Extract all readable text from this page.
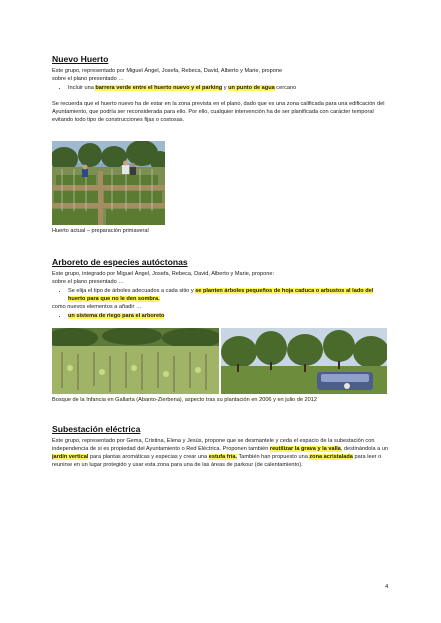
Nuevo Huerto

Este grupo, representado por Miguel Ángel, Josefa, Rebeca, David, Alberto y Marie, propone
sobre el plano presentado …

• Incluir una barrera verde entre el huerto nuevo y el parking y un punto de agua cercano

Se recuerda que el huerto nuevo ha de estar en la zona prevista en el plano, dado que es una zona calificada para una edificación del Ayuntamiento, que podría ser reconsiderada para ello. Por ello, cualquier intervención ha de ser planificada con carácter temporal evitando todo tipo de construcciones fijas o costosas.

Huerto actual – preparación primaveral
Arboreto de especies autóctonas

Este grupo, integrado por Miguel Ángel, Josefa, Rebeca, David, Alberto y Marie, propone:
sobre el plano presentado …

• Se elija el tipo de árboles adecuados a cada sitio y se planten árboles pequeños de hoja caduca o arbustos al lado del huerto para que no le den sombra.

como nuevos elementos a añadir …

• un sistema de riego para el arboreto
Bosque de la Infancia en Gallarta (Abanto-Zierbena), aspecto tras su plantación en 2006 y en julio de 2012
Subestación eléctrica

Este grupo, representado por Gema, Cristina, Elena y Jesús, propone que se desmantele y ceda el espacio de la subestación con independencia de si es propiedad del Ayuntamiento o Red Eléctrica. Proponen también reutilizar la grava y la valla, destinándola a un jardín vertical para plantas aromáticas y especias y crear una estufa fría. También han propuesto una zona acristalada para leer o reunirse en un lugar protegido y usar esta zona para una de las áreas de parkour (de calentamiento).

4
